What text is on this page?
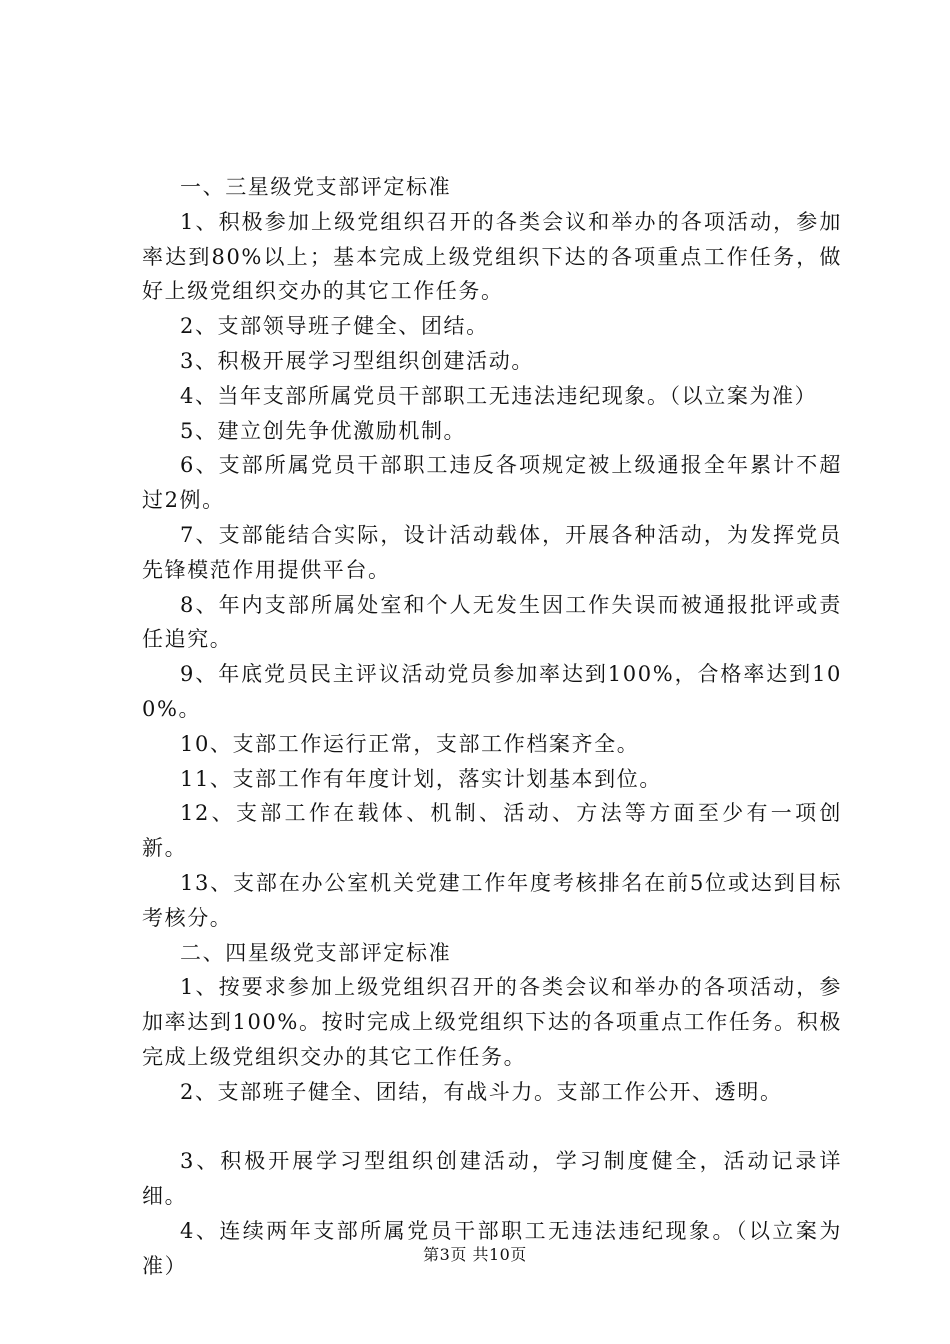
一、三星级党支部评定标准

1、积极参加上级党组织召开的各类会议和举办的各项活动，参加率达到80%以上；基本完成上级党组织下达的各项重点工作任务，做好上级党组织交办的其它工作任务。

2、支部领导班子健全、团结。

3、积极开展学习型组织创建活动。

4、当年支部所属党员干部职工无违法违纪现象。（以立案为准）

5、建立创先争优激励机制。

6、支部所属党员干部职工违反各项规定被上级通报全年累计不超过2例。

7、支部能结合实际，设计活动载体，开展各种活动，为发挥党员先锋模范作用提供平台。

8、年内支部所属处室和个人无发生因工作失误而被通报批评或责任追究。

9、年底党员民主评议活动党员参加率达到100%，合格率达到100%。

10、支部工作运行正常，支部工作档案齐全。

11、支部工作有年度计划，落实计划基本到位。

12、支部工作在载体、机制、活动、方法等方面至少有一项创新。

13、支部在办公室机关党建工作年度考核排名在前5位或达到目标考核分。

二、四星级党支部评定标准

1、按要求参加上级党组织召开的各类会议和举办的各项活动，参加率达到100%。按时完成上级党组织下达的各项重点工作任务。积极完成上级党组织交办的其它工作任务。

2、支部班子健全、团结，有战斗力。支部工作公开、透明。

3、积极开展学习型组织创建活动，学习制度健全，活动记录详细。

4、连续两年支部所属党员干部职工无违法违纪现象。（以立案为准）	第3页 共10页
